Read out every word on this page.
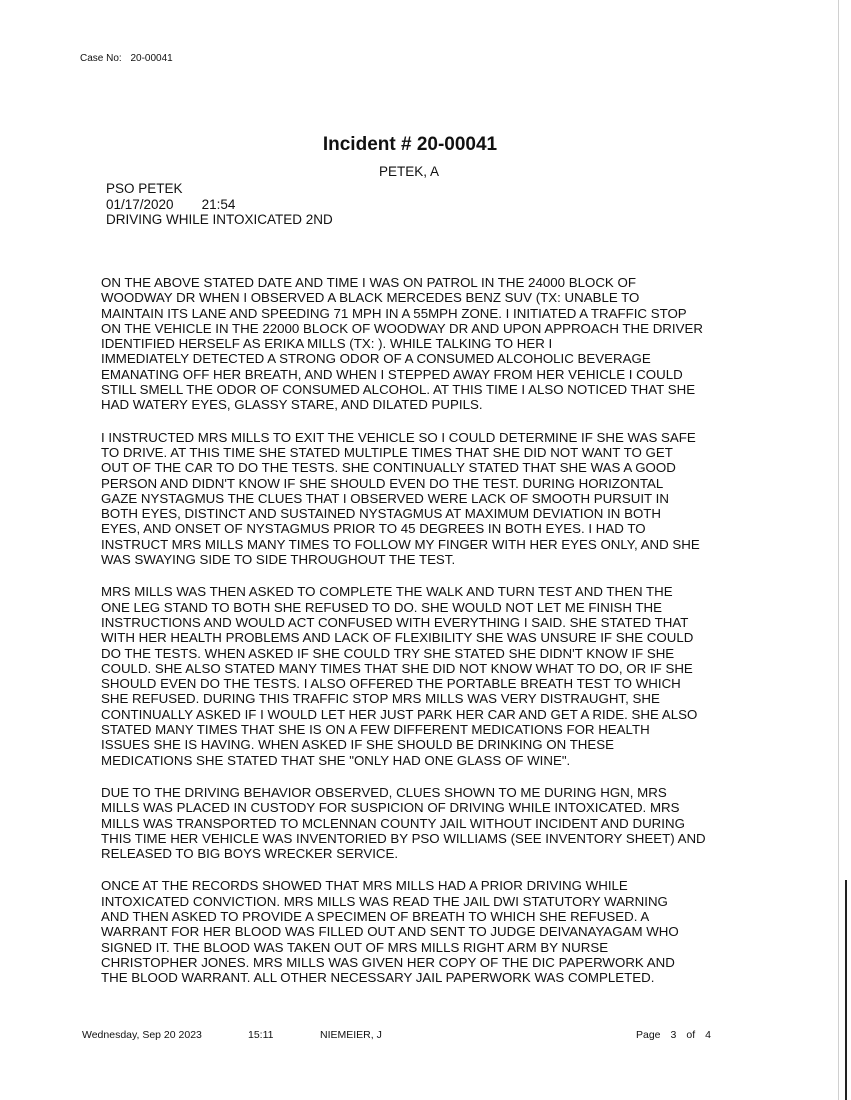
Case No: 20-00041
Incident # 20-00041
PETEK, A
PSO PETEK
01/17/2020 21:54
DRIVING WHILE INTOXICATED 2ND

ON THE ABOVE STATED DATE AND TIME I WAS ON PATROL IN THE 24000 BLOCK OF
WOODWAY DR WHEN I OBSERVED A BLACK MERCEDES BENZ SUV (TX: UNABLE TO
MAINTAIN ITS LANE AND SPEEDING 71 MPH IN A 55MPH ZONE. I INITIATED A TRAFFIC STOP
ON THE VEHICLE IN THE 22000 BLOCK OF WOODWAY DR AND UPON APPROACH THE DRIVER
IDENTIFIED HERSELF AS ERIKA MILLS (TX: ). WHILE TALKING TO HER I
IMMEDIATELY DETECTED A STRONG ODOR OF A CONSUMED ALCOHOLIC BEVERAGE
EMANATING OFF HER BREATH, AND WHEN I STEPPED AWAY FROM HER VEHICLE I COULD
STILL SMELL THE ODOR OF CONSUMED ALCOHOL. AT THIS TIME I ALSO NOTICED THAT SHE
HAD WATERY EYES, GLASSY STARE, AND DILATED PUPILS.

I INSTRUCTED MRS MILLS TO EXIT THE VEHICLE SO I COULD DETERMINE IF SHE WAS SAFE
TO DRIVE. AT THIS TIME SHE STATED MULTIPLE TIMES THAT SHE DID NOT WANT TO GET
OUT OF THE CAR TO DO THE TESTS. SHE CONTINUALLY STATED THAT SHE WAS A GOOD
PERSON AND DIDN'T KNOW IF SHE SHOULD EVEN DO THE TEST. DURING HORIZONTAL
GAZE NYSTAGMUS THE CLUES THAT I OBSERVED WERE LACK OF SMOOTH PURSUIT IN
BOTH EYES, DISTINCT AND SUSTAINED NYSTAGMUS AT MAXIMUM DEVIATION IN BOTH
EYES, AND ONSET OF NYSTAGMUS PRIOR TO 45 DEGREES IN BOTH EYES. I HAD TO
INSTRUCT MRS MILLS MANY TIMES TO FOLLOW MY FINGER WITH HER EYES ONLY, AND SHE
WAS SWAYING SIDE TO SIDE THROUGHOUT THE TEST.

MRS MILLS WAS THEN ASKED TO COMPLETE THE WALK AND TURN TEST AND THEN THE
ONE LEG STAND TO BOTH SHE REFUSED TO DO. SHE WOULD NOT LET ME FINISH THE
INSTRUCTIONS AND WOULD ACT CONFUSED WITH EVERYTHING I SAID. SHE STATED THAT
WITH HER HEALTH PROBLEMS AND LACK OF FLEXIBILITY SHE WAS UNSURE IF SHE COULD
DO THE TESTS. WHEN ASKED IF SHE COULD TRY SHE STATED SHE DIDN'T KNOW IF SHE
COULD. SHE ALSO STATED MANY TIMES THAT SHE DID NOT KNOW WHAT TO DO, OR IF SHE
SHOULD EVEN DO THE TESTS. I ALSO OFFERED THE PORTABLE BREATH TEST TO WHICH
SHE REFUSED. DURING THIS TRAFFIC STOP MRS MILLS WAS VERY DISTRAUGHT, SHE
CONTINUALLY ASKED IF I WOULD LET HER JUST PARK HER CAR AND GET A RIDE. SHE ALSO
STATED MANY TIMES THAT SHE IS ON A FEW DIFFERENT MEDICATIONS FOR HEALTH
ISSUES SHE IS HAVING. WHEN ASKED IF SHE SHOULD BE DRINKING ON THESE
MEDICATIONS SHE STATED THAT SHE "ONLY HAD ONE GLASS OF WINE".

DUE TO THE DRIVING BEHAVIOR OBSERVED, CLUES SHOWN TO ME DURING HGN, MRS
MILLS WAS PLACED IN CUSTODY FOR SUSPICION OF DRIVING WHILE INTOXICATED. MRS
MILLS WAS TRANSPORTED TO MCLENNAN COUNTY JAIL WITHOUT INCIDENT AND DURING
THIS TIME HER VEHICLE WAS INVENTORIED BY PSO WILLIAMS (SEE INVENTORY SHEET) AND
RELEASED TO BIG BOYS WRECKER SERVICE.

ONCE AT THE RECORDS SHOWED THAT MRS MILLS HAD A PRIOR DRIVING WHILE
INTOXICATED CONVICTION. MRS MILLS WAS READ THE JAIL DWI STATUTORY WARNING
AND THEN ASKED TO PROVIDE A SPECIMEN OF BREATH TO WHICH SHE REFUSED. A
WARRANT FOR HER BLOOD WAS FILLED OUT AND SENT TO JUDGE DEIVANAYAGAM WHO
SIGNED IT. THE BLOOD WAS TAKEN OUT OF MRS MILLS RIGHT ARM BY NURSE
CHRISTOPHER JONES. MRS MILLS WAS GIVEN HER COPY OF THE DIC PAPERWORK AND
THE BLOOD WARRANT. ALL OTHER NECESSARY JAIL PAPERWORK WAS COMPLETED.

Wednesday, Sep 20 2023	15:11	NIEMEIER, J	Page 3 of 4
